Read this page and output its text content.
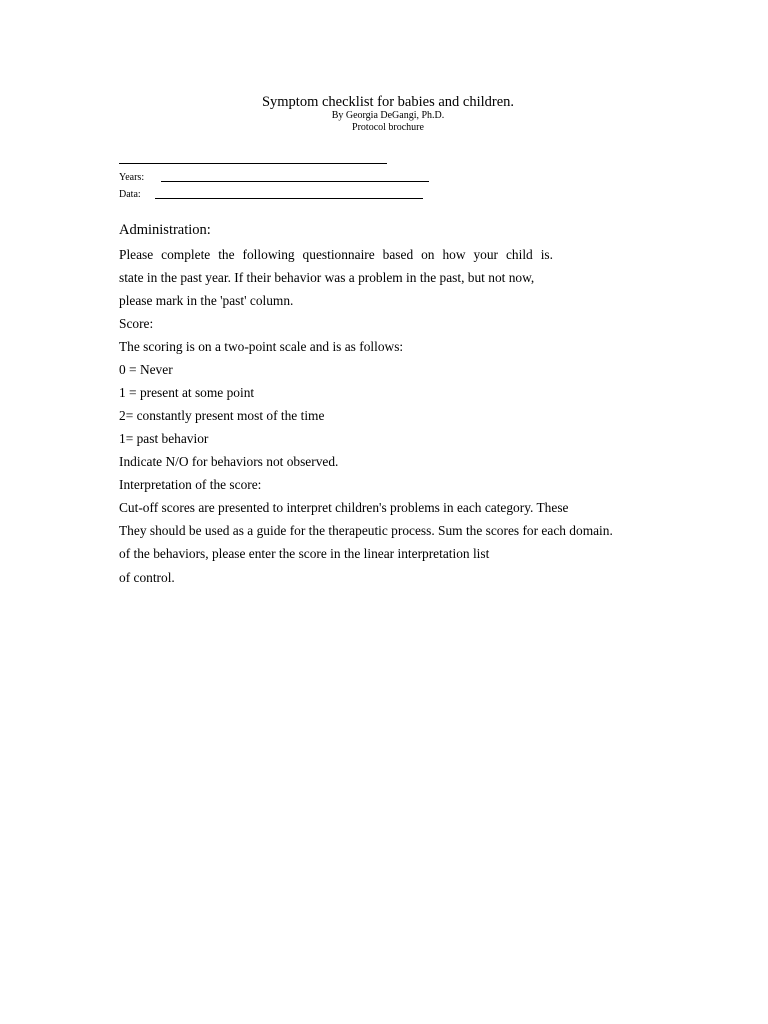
Symptom checklist for babies and children.
By Georgia DeGangi, Ph.D.
Protocol brochure
Years:
Data:
Administration:
Please complete the following questionnaire based on how your child is.
state in the past year. If their behavior was a problem in the past, but not now,
please mark in the 'past' column.
Score:
The scoring is on a two-point scale and is as follows:
0 = Never
1 = present at some point
2= constantly present most of the time
1= past behavior
Indicate N/O for behaviors not observed.
Interpretation of the score:
Cut-off scores are presented to interpret children's problems in each category. These
They should be used as a guide for the therapeutic process. Sum the scores for each domain.
of the behaviors, please enter the score in the linear interpretation list
of control.
